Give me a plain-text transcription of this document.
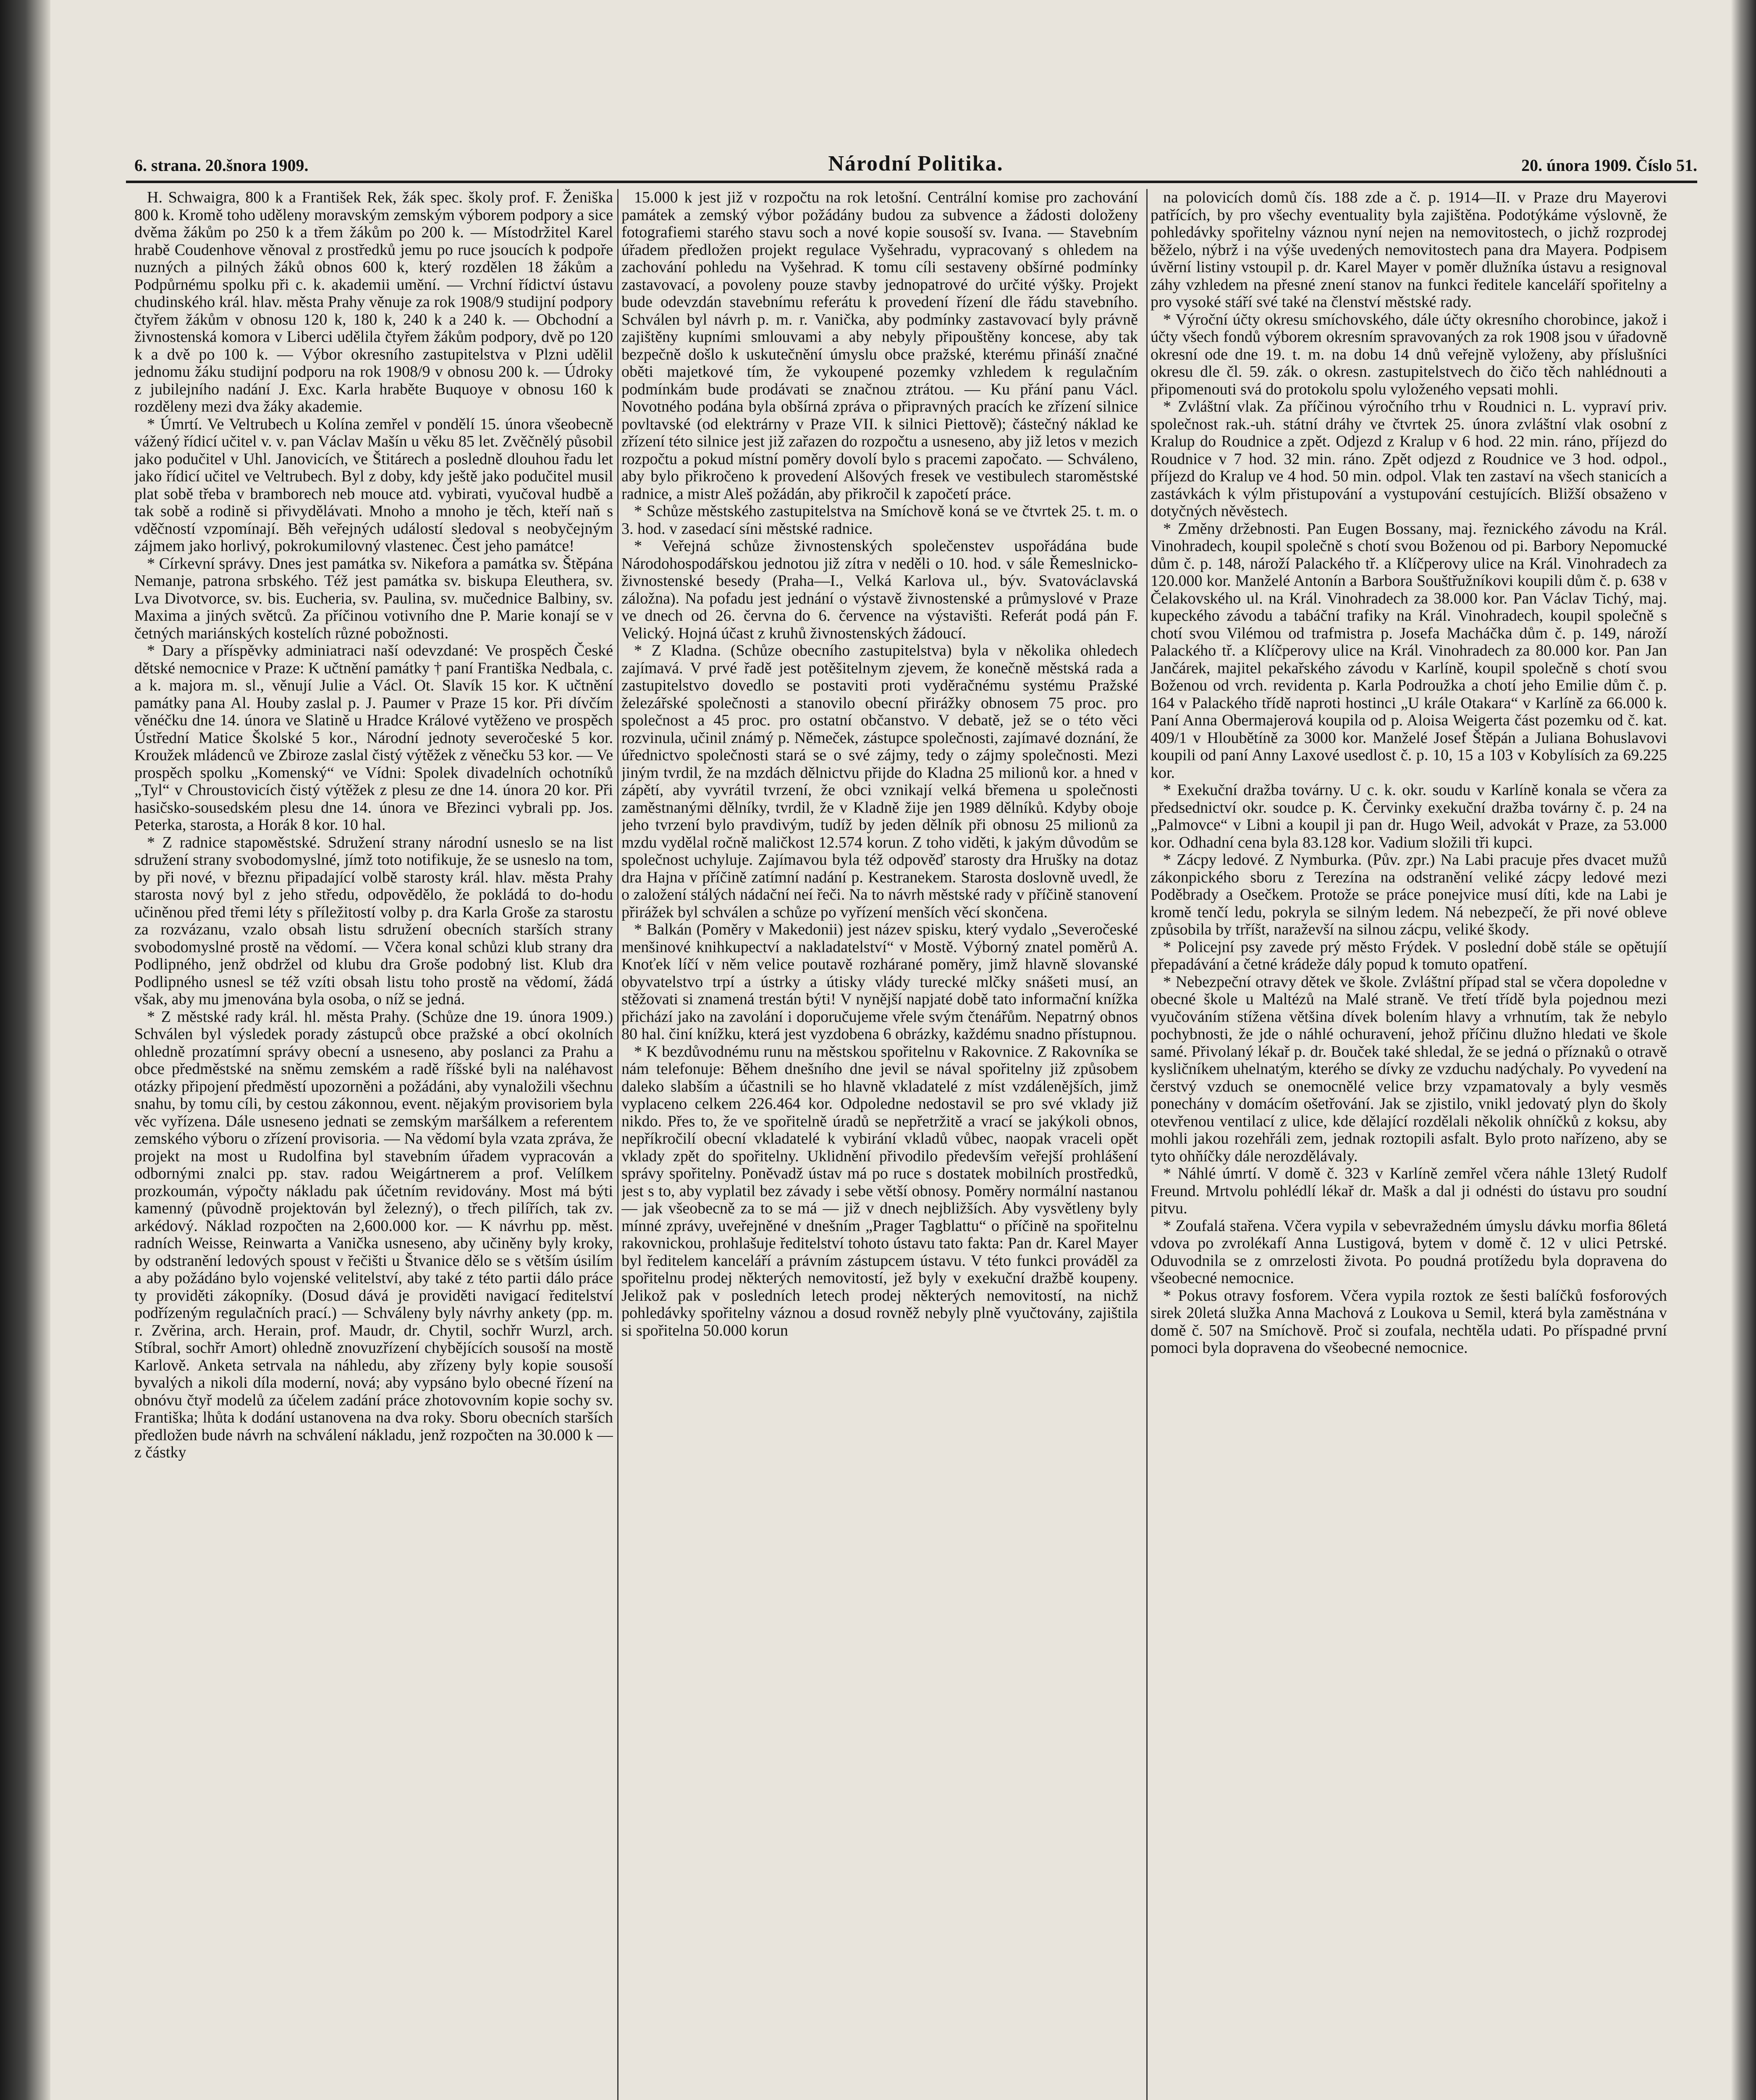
6. strana. 20.šnora 1909.	Národní Politika.	20. února 1909. Číslo 51.

H. Schwaigra, 800 k a František Rek, žák spec. školy prof. F. Ženiška 800 k. Kromě toho uděleny moravským zemským výborem podpory a sice dvěma žákům po 250 k a třem žákům po 200 k. — Místodržitel Karel hrabě Coudenhove věnoval z prostředků jemu po ruce jsoucích k podpoře nuzných a pilných žáků obnos 600 k, který rozdělen 18 žákům a Podpůrnému spolku při c. k. akademii umění. — Vrchní řídictví ústavu chudinského král. hlav. města Prahy věnuje za rok 1908/9 studijní podpory čtyřem žákům v obnosu 120 k, 180 k, 240 k a 240 k. — Obchodní a živnostenská komora v Liberci udělila čtyřem žákům podpory, dvě po 120 k a dvě po 100 k. — Výbor okresního zastupitelstva v Plzni udělil jednomu žáku studijní podporu na rok 1908/9 v obnosu 200 k. — Údroky z jubilejního nadání J. Exc. Karla hraběte Buquoye v obnosu 160 k rozděleny mezi dva žáky akademie.

* Úmrtí. Ve Veltrubech u Kolína zemřel v pondělí 15. února všeobecně vážený řídicí učitel v. v. pan Václav Mašín u věku 85 let. Zvěčnělý působil jako podučitel v Uhl. Janovicích, ve Štitárech a posledně dlouhou řadu let jako řídicí učitel ve Veltrubech. Byl z doby, kdy ještě jako podučitel musil plat sobě třeba v bramborech neb mouce atd. vybirati, vyučoval hudbě a tak sobě a rodině si přivydělávati. Mnoho a mnoho je těch, kteří naň s vděčností vzpomínají. Běh veřejných událostí sledoval s neobyčejným zájmem jako horlivý, pokrokumilovný vlastenec. Čest jeho památce!

* Církevní správy. Dnes jest památka sv. Nikefora a památka sv. Štěpána Nemanje, patrona srbského. Též jest památka sv. biskupa Eleuthera, sv. Lva Divotvorce, sv. bis. Eucheria, sv. Paulina, sv. mučednice Balbiny, sv. Maxima a jiných světců. Za příčinou votivního dne P. Marie konají se v četných mariánských kostelích různé pobožnosti.

* Dary a příspěvky adminiatraci naší odevzdané: Ve prospěch České dětské nemocnice v Praze: K učtnění památky † paní Františka Nedbala, c. a k. majora m. sl., věnují Julie a Václ. Ot. Slavík 15 kor. K učtnění památky pana Al. Houby zaslal p. J. Paumer v Praze 15 kor. Při dívčím věnéčku dne 14. února ve Slatině u Hradce Králové vytěženo ve prospěch Ústřední Matice Školské 5 kor., Národní jednoty severočeské 5 kor. Kroužek mládenců ve Zbiroze zaslal čistý výtěžek z věnečku 53 kor. — Ve prospěch spolku „Komenský“ ve Vídni: Spolek divadelních ochotníků „Tyl“ v Chroustovicích čistý výtěžek z plesu ze dne 14. února 20 kor. Při hasičsko-sousedském plesu dne 14. února ve Březinci vybrali pp. Jos. Peterka, starosta, a Horák 8 kor. 10 hal.

* Z radnice staромěstské. Sdružení strany národní usneslo se na list sdružení strany svobodomyslné, jímž toto notifikuje, že se usneslo na tom, by při nové, v březnu připadající volbě starosty král. hlav. města Prahy starosta nový byl z jeho středu, odpovědělo, že pokládá to do-hodu učiněnou před třemi léty s příležitostí volby p. dra Karla Groše za starostu za rozvázanu, vzalo obsah listu sdružení obecních starších strany svobodomyslné prostě na vědomí. — Včera konal schůzi klub strany dra Podlipného, jenž obdržel od klubu dra Groše podobný list. Klub dra Podlipného usnesl se též vzíti obsah listu toho prostě na vědomí, žádá však, aby mu jmenována byla osoba, o níž se jedná.

* Z městské rady král. hl. města Prahy. (Schůze dne 19. února 1909.) Schválen byl výsledek porady zástupců obce pražské a obcí okolních ohledně prozatímní správy obecní a usneseno, aby poslanci za Prahu a obce předměstské na sněmu zemském a radě říšské byli na naléhavost otázky připojení předměstí upozorněni a požádáni, aby vynaložili všechnu snahu, by tomu cíli, by cestou zákonnou, event. nějakým provisoriem byla věc vyřízena. Dále usneseno jednati se zemským maršálkem a referentem zemského výboru o zřízení provisoria. — Na vědomí byla vzata zpráva, že projekt na most u Rudolfina byl stavebním úřadem vypracován a odbornými znalci pp. stav. radou Weigártnerem a prof. Velílkem prozkoumán, výpočty nákladu pak účetním revidovány. Most má býti kamenný (původně projektován byl železný), o třech pilířích, tak zv. arkédový. Náklad rozpočten na 2,600.000 kor. — K návrhu pp. měst. radních Weisse, Reinwarta a Vanička usneseno, aby učiněny byly kroky, by odstranění ledových spoust v řečišti u Štvanice dělo se s větším úsilím a aby požádáno bylo vojenské velitelství, aby také z této partii dálo práce ty providěti zákopníky. (Dosud dává je providěti navigací ředitelství podřízeným regulačních prací.) — Schváleny byly návrhy ankety (pp. m. r. Zvěrina, arch. Herain, prof. Maudr, dr. Chytil, sochřr Wurzl, arch. Stíbral, sochřr Amort) ohledně znovuzřízení chybějících sousoší na mostě Karlově. Anketa setrvala na náhledu, aby zřízeny byly kopie sousoší byvalých a nikoli díla moderní, nová; aby vypsáno bylo obecné řízení na obnóvu čtyř modelů za účelem zadání práce zhotovovním kopie sochy sv. Františka; lhůta k dodání ustanovena na dva roky. Sboru obecních starších předložen bude návrh na schválení nákladu, jenž rozpočten na 30.000 k — z částky

15.000 k jest již v rozpočtu na rok letošní. Centrální komise pro zachování památek a zemský výbor požádány budou za subvence a žádosti doloženy fotografiemi starého stavu soch a nové kopie sousoší sv. Ivana. — Stavebním úřadem předložen projekt regulace Vyšehradu, vypracovaný s ohledem na zachování pohledu na Vyšehrad. K tomu cíli sestaveny obšírné podmínky zastavovací, a povoleny pouze stavby jednopatrové do určité výšky. Projekt bude odevzdán stavebnímu referátu k provedení řízení dle řádu stavebního. Schválen byl návrh p. m. r. Vanička, aby podmínky zastavovací byly právně zajištěny kupními smlouvami a aby nebyly připouštěny koncese, aby tak bezpečně došlo k uskutečnění úmyslu obce pražské, kterému přináší značné oběti majetkové tím, že vykoupené pozemky vzhledem k regulačním podmínkám bude prodávati se značnou ztrátou. — Ku přání panu Václ. Novotného podána byla obšírná zpráva o připravných pracích ke zřízení silnice povltavské (od elektrárny v Praze VII. k silnici Piettově); částečný náklad ke zřízení této silnice jest již zařazen do rozpočtu a usneseno, aby již letos v mezich rozpočtu a pokud místní poměry dovolí bylo s pracemi započato. — Schváleno, aby bylo přikročeno k provedení Alšových fresek ve vestibulech staroměstské radnice, a mistr Aleš požádán, aby přikročil k započetí práce.

* Schůze městského zastupitelstva na Smíchově koná se ve čtvrtek 25. t. m. o 3. hod. v zasedací síni městské radnice.

* Veřejná schůze živnostenských společenstev uspořádána bude Národohospodářskou jednotou již zítra v neděli o 10. hod. v sále Řemeslnicko-živnostenské besedy (Praha—I., Velká Karlova ul., býv. Svatováclavská záložna). Na pofadu jest jednání o výstavě živnostenské a průmyslové v Praze ve dnech od 26. června do 6. července na výstavišti. Referát podá pán F. Velický. Hojná účast z kruhů živnostenských žádoucí.

* Z Kladna. (Schůze obecního zastupitelstva) byla v několika ohledech zajímavá. V prvé řadě jest potěšitelnym zjevem, že konečně městská rada a zastupitelstvo dovedlo se postaviti proti vyděračnému systému Pražské železářské společnosti a stanovilo obecní přirážky obnosem 75 proc. pro společnost a 45 proc. pro ostatní občanstvo. V debatě, jež se o této věci rozvinula, učinil známý p. Němeček, zástupce společnosti, zajímavé doznání, že úřednictvo společnosti stará se o své zájmy, tedy o zájmy společnosti. Mezi jiným tvrdil, že na mzdách dělnictvu přijde do Kladna 25 milionů kor. a hned v zápětí, aby vyvrátil tvrzení, že obci vznikají velká břemena u společnosti zaměstnanými dělníky, tvrdil, že v Kladně žije jen 1989 dělníků. Kdyby oboje jeho tvrzení bylo pravdivým, tudíž by jeden dělník při obnosu 25 milionů za mzdu vydělal ročně maličkost 12.574 korun. Z toho viděti, k jakým důvodům se společnost uchyluje. Zajímavou byla též odpověď starosty dra Hrušky na dotaz dra Hajna v příčině zatímní nadání p. Kestranekem. Starosta doslovně uvedl, že o založení stálých nádační neí řeči. Na to návrh městské rady v příčině stanovení přirážek byl schválen a schůze po vyřízení menších věcí skončena.

* Balkán (Poměry v Makedonii) jest název spisku, který vydalo „Severočeské menšinové knihkupectví a nakladatelství“ v Mostě. Výborný znatel poměrů A. Knoťek líčí v něm velice poutavě rozhárané poměry, jimž hlavně slovanské obyvatelstvo trpí a ústrky a útisky vlády turecké mlčky snášeti musí, an stěžovati si znamená trestán býti! V nynější napjaté době tato informační knížka přichází jako na zavolání i doporučujeme vřele svým čtenářům. Nepatrný obnos 80 hal. činí knížku, která jest vyzdobena 6 obrázky, každému snadno přístupnou.

* K bezdůvodnému runu na městskou spořitelnu v Rakovnice. Z Rakovníka se nám telefonuje: Během dnešního dne jevil se nával spořitelny již způsobem daleko slabším a účastnili se ho hlavně vkladatelé z míst vzdálenějších, jimž vyplaceno celkem 226.464 kor. Odpoledne nedostavil se pro své vklady již nikdo. Přes to, že ve spořitelně úradů se nepřetržitě a vrací se jakýkoli obnos, nepříkročilí obecní vkladatelé k vybirání vkladů vůbec, naopak vraceli opět vklady zpět do spořitelny. Uklidnění přivodilo především veřejší prohlášení správy spořitelny. Poněvadž ústav má po ruce s dostatek mobilních prostředků, jest s to, aby vyplatil bez závady i sebe větší obnosy. Poměry normální nastanou — jak všeobecně za to se má — již v dnech nejbližších. Aby vysvětleny byly mínné zprávy, uveřejněné v dnešním „Prager Tagblattu“ o příčině na spořitelnu rakovnickou, prohlašuje ředitelství tohoto ústavu tato fakta: Pan dr. Karel Mayer byl ředitelem kanceláří a právním zástupcem ústavu. V této funkci prováděl za spořitelnu prodej některých nemovitostí, jež byly v exekuční dražbě koupeny. Jelikož pak v posledních letech prodej některých nemovitostí, na nichž pohledávky spořitelny váznou a dosud rovněž nebyly plně vyučtovány, zajištila si spořitelna 50.000 korun

na polovicích domů čís. 188 zde a č. p. 1914—II. v Praze dru Mayerovi patřících, by pro všechy eventuality byla zajištěna. Podotýkáme výslovně, že pohledávky spořitelny váznou nyní nejen na nemovitostech, o jichž rozprodej běželo, nýbrž i na výše uvedených nemovitostech pana dra Mayera. Podpisem úvěrní listiny vstoupil p. dr. Karel Mayer v poměr dlužníka ústavu a resignoval záhy vzhledem na přesné znení stanov na funkci ředitele kanceláří spořitelny a pro vysoké stáří své také na členství městské rady.

* Výroční účty okresu smíchovského, dále účty okresního chorobince, jakož i účty všech fondů výborem okresním spravovaných za rok 1908 jsou v úřadovně okresní ode dne 19. t. m. na dobu 14 dnů veřejně vyloženy, aby příslušníci okresu dle čl. 59. zák. o okresn. zastupitelstvech do čičo těch nahlédnouti a připomenouti svá do protokolu spolu vyloženého vepsati mohli.

* Zvláštní vlak. Za příčinou výročního trhu v Roudnici n. L. vypraví priv. společnost rak.-uh. státní dráhy ve čtvrtek 25. února zvláštní vlak osobní z Kralup do Roudnice a zpět. Odjezd z Kralup v 6 hod. 22 min. ráno, příjezd do Roudnice v 7 hod. 32 min. ráno. Zpět odjezd z Roudnice ve 3 hod. odpol., příjezd do Kralup ve 4 hod. 50 min. odpol. Vlak ten zastaví na všech stanicích a zastávkách k výlm přistupování a vystupování cestujících. Bližší obsaženo v dotyčných něvěstech.

* Změny držebnosti. Pan Eugen Bossany, maj. řeznického závodu na Král. Vinohradech, koupil společně s chotí svou Boženou od pi. Barbory Nepomucké dům č. p. 148, nároží Palackého tř. a Klíčperovy ulice na Král. Vinohradech za 120.000 kor. Manželé Antonín a Barbora Souštřužníkovi koupili dům č. p. 638 v Čelakovského ul. na Král. Vinohradech za 38.000 kor. Pan Václav Tichý, maj. kupeckého závodu a tabáční trafiky na Král. Vinohradech, koupil společně s chotí svou Vilémou od trafmistra p. Josefa Macháčka dům č. p. 149, nároží Palackého tř. a Klíčperovy ulice na Král. Vinohradech za 80.000 kor. Pan Jan Jančárek, majitel pekařského závodu v Karlíně, koupil společně s chotí svou Boženou od vrch. revidenta p. Karla Podroužka a chotí jeho Emilie dům č. p. 164 v Palackého třídě naproti hostinci „U krále Otakara“ v Karlíně za 66.000 k. Paní Anna Obermajerová koupila od p. Aloisa Weigerta část pozemku od č. kat. 409/1 v Hloubětíně za 3000 kor. Manželé Josef Štěpán a Juliana Bohuslavovi koupili od paní Anny Laxové usedlost č. p. 10, 15 a 103 v Kobylísích za 69.225 kor.

* Exekuční dražba továrny. U c. k. okr. soudu v Karlíně konala se včera za předsednictví okr. soudce p. K. Červinky exekuční dražba továrny č. p. 24 na „Palmovce“ v Libni a koupil ji pan dr. Hugo Weil, advokát v Praze, za 53.000 kor. Odhadní cena byla 83.128 kor. Vadium složili tři kupci.

* Zácpy ledové. Z Nymburka. (Pův. zpr.) Na Labi pracuje přes dvacet mužů zákonpického sboru z Terezína na odstranění veliké zácpy ledové mezi Poděbrady a Osečkem. Protože se práce ponejvice musí díti, kde na Labi je kromě tenčí ledu, pokryla se silným ledem. Ná nebezpečí, že při nové obleve způsobila by trříšt, naraževší na silnou zácpu, veliké škody.

* Policejní psy zavede prý město Frýdek. V poslední době stále se opětujíí přepadávání a četné krádeže dály popud k tomuto opatření.

* Nebezpeční otravy dětek ve škole. Zvláštní případ stal se včera dopoledne v obecné škole u Maltézů na Malé straně. Ve třetí třídě byla pojednou mezi vyučováním stížena většina dívek bolením hlavy a vrhnutím, tak že nebylo pochybnosti, že jde o náhlé ochuravení, jehož příčinu dlužno hledati ve škole samé. Přivolaný lékař p. dr. Bouček také shledal, že se jedná o příznaků o otravě kysličníkem uhelnatým, kterého se dívky ze vzduchu nadýchaly. Po vyvedení na čerstvý vzduch se onemocnělé velice brzy vzpamatovaly a byly vesměs ponechány v domácím ošetřování. Jak se zjistilo, vnikl jedovatý plyn do školy otevřenou ventilací z ulice, kde dělající rozdělali několik ohníčků z koksu, aby mohli jakou rozehřáli zem, jednak roztopili asfalt. Bylo proto nařízeno, aby se tyto ohňíčky dále nerozdělávaly.

* Náhlé úmrtí. V domě č. 323 v Karlíně zemřel včera náhle 13letý Rudolf Freund. Mrtvolu pohlédlí lékař dr. Mašk a dal ji odnésti do ústavu pro soudní pitvu.

* Zoufalá stařena. Včera vypila v sebevražedném úmyslu dávku morfia 86letá vdova po zvrolékafí Anna Lustigová, bytem v domě č. 12 v ulici Petrské. Oduvodnila se z omrzelosti života. Po poudná protížedu byla dopravena do všeobecné nemocnice.

* Pokus otravy fosforem. Včera vypila roztok ze šesti balíčků fosforových sirek 20letá služka Anna Machová z Loukova u Semil, která byla zaměstnána v domě č. 507 na Smíchově. Proč si zoufala, nechtěla udati. Po příspadné první pomoci byla dopravena do všeobecné nemocnice.
